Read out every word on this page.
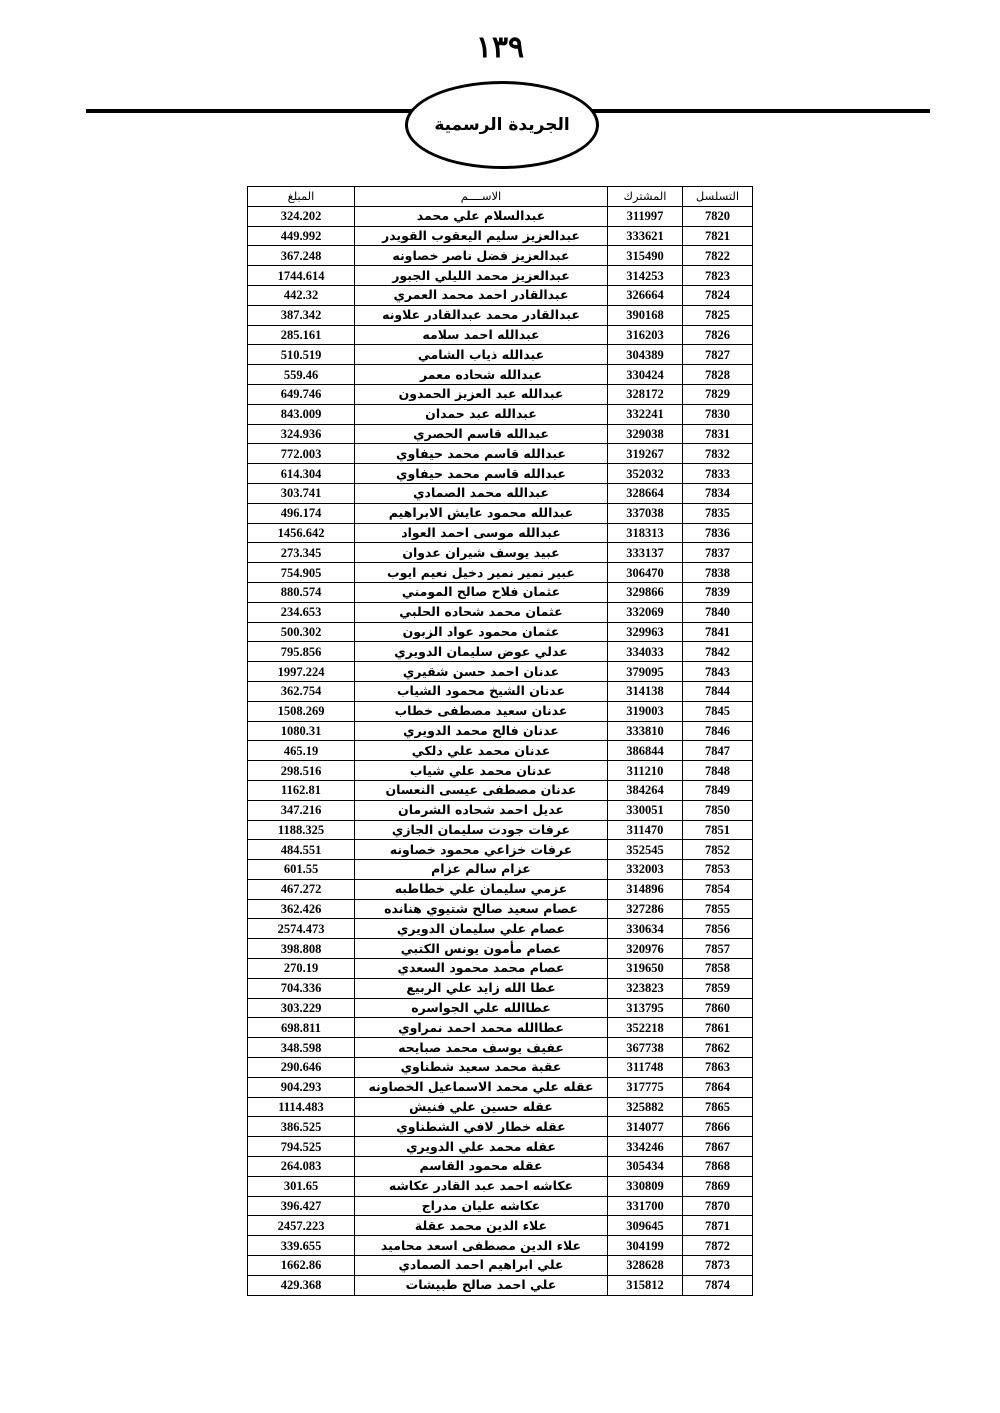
١٣٩
الجريدة الرسمية
التسلسل	المشترك	الاســــم	المبلغ
7820	311997	عبدالسلام علي محمد	324.202
7821	333621	عبدالعزيز سليم اليعقوب القويدر	449.992
7822	315490	عبدالعزيز فضل ناصر خصاونه	367.248
7823	314253	عبدالعزيز محمد الليلي الجبور	1744.614
7824	326664	عبدالقادر احمد محمد العمري	442.32
7825	390168	عبدالقادر محمد عبدالقادر علاونه	387.342
7826	316203	عبدالله احمد سلامه	285.161
7827	304389	عبدالله ذياب الشامي	510.519
7828	330424	عبدالله شحاده معمر	559.46
7829	328172	عبدالله عبد العزيز الحمدون	649.746
7830	332241	عبدالله عبد حمدان	843.009
7831	329038	عبدالله قاسم الحصري	324.936
7832	319267	عبدالله قاسم محمد حيفاوي	772.003
7833	352032	عبدالله قاسم محمد حيفاوي	614.304
7834	328664	عبدالله محمد الصمادي	303.741
7835	337038	عبدالله محمود عايش الابراهيم	496.174
7836	318313	عبدالله موسى احمد العواد	1456.642
7837	333137	عبيد يوسف شيران عدوان	273.345
7838	306470	عبير نمير نمير دخيل نعيم ايوب	754.905
7839	329866	عثمان فلاح صالح المومني	880.574
7840	332069	عثمان محمد شحاده الحلبي	234.653
7841	329963	عثمان محمود عواد الزبون	500.302
7842	334033	عدلي عوض سليمان الدويري	795.856
7843	379095	عدنان احمد حسن شقيري	1997.224
7844	314138	عدنان الشيخ محمود الشياب	362.754
7845	319003	عدنان سعيد مصطفى خطاب	1508.269
7846	333810	عدنان فالح محمد الدويري	1080.31
7847	386844	عدنان محمد علي دلكي	465.19
7848	311210	عدنان محمد علي شياب	298.516
7849	384264	عدنان مصطفى عيسى النعسان	1162.81
7850	330051	عديل احمد شحاده الشرمان	347.216
7851	311470	عرفات جودت سليمان الجازي	1188.325
7852	352545	عرفات خزاعي محمود خصاونه	484.551
7853	332003	عزام سالم عزام	601.55
7854	314896	عزمي سليمان علي خطاطبه	467.272
7855	327286	عصام سعيد صالح شتيوي هنانده	362.426
7856	330634	عصام علي سليمان الدويري	2574.473
7857	320976	عصام مأمون يونس الكتبي	398.808
7858	319650	عصام محمد محمود السعدي	270.19
7859	323823	عطا الله زايد علي الربيع	704.336
7860	313795	عطاالله علي الجواسره	303.229
7861	352218	عطاالله محمد احمد نمراوي	698.811
7862	367738	عفيف يوسف محمد صبايحه	348.598
7863	311748	عقبة محمد سعيد شطناوي	290.646
7864	317775	عقله علي محمد الاسماعيل الخصاونه	904.293
7865	325882	عقله حسين علي فنيش	1114.483
7866	314077	عقله خطار لافي الشطناوي	386.525
7867	334246	عقله محمد علي الدويري	794.525
7868	305434	عقله محمود القاسم	264.083
7869	330809	عكاشه احمد عبد القادر عكاشه	301.65
7870	331700	عكاشه عليان مدراج	396.427
7871	309645	علاء الدين محمد عقلة	2457.223
7872	304199	علاء الدين مصطفى اسعد محاميد	339.655
7873	328628	علي ابراهيم احمد الصمادي	1662.86
7874	315812	علي احمد صالح طبيشات	429.368
